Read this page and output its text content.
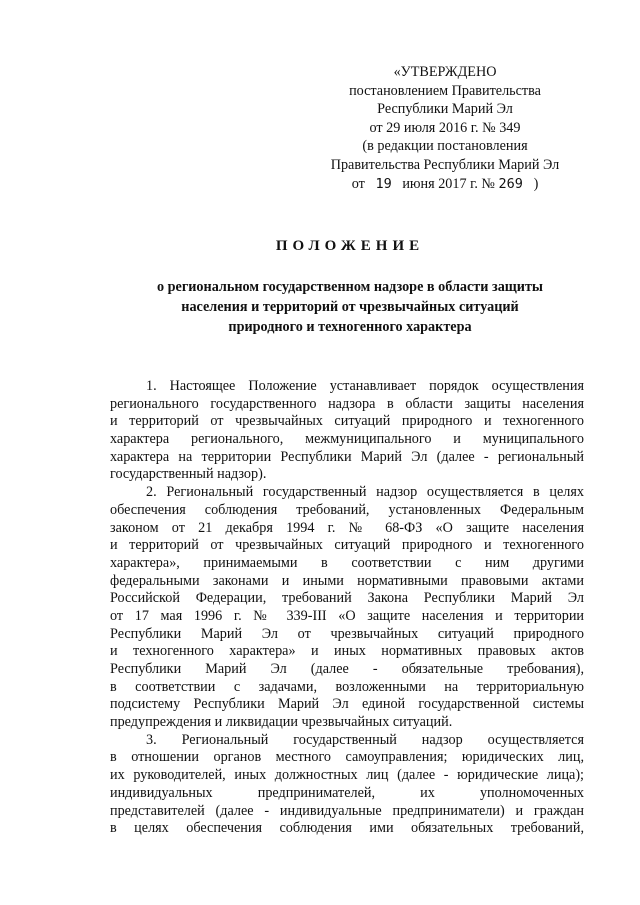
«УТВЕРЖДЕНО
постановлением Правительства
Республики Марий Эл
от 29 июля 2016 г. № 349
(в редакции постановления
Правительства Республики Марий Эл
от 19 июня 2017 г. № 269 )
ПОЛОЖЕНИЕ
о региональном государственном надзоре в области защиты
населения и территорий от чрезвычайных ситуаций
природного и техногенного характера
1. Настоящее Положение устанавливает порядок осуществления
регионального государственного надзора в области защиты населения
и территорий от чрезвычайных ситуаций природного и техногенного
характера регионального, межмуниципального и муниципального
характера на территории Республики Марий Эл (далее - региональный
государственный надзор).
2. Региональный государственный надзор осуществляется в целях
обеспечения соблюдения требований, установленных Федеральным
законом от 21 декабря 1994 г. № 68-ФЗ «О защите населения
и территорий от чрезвычайных ситуаций природного и техногенного
характера», принимаемыми в соответствии с ним другими
федеральными законами и иными нормативными правовыми актами
Российской Федерации, требований Закона Республики Марий Эл
от 17 мая 1996 г. № 339-III «О защите населения и территории
Республики Марий Эл от чрезвычайных ситуаций природного
и техногенного характера» и иных нормативных правовых актов
Республики Марий Эл (далее - обязательные требования),
в соответствии с задачами, возложенными на территориальную
подсистему Республики Марий Эл единой государственной системы
предупреждения и ликвидации чрезвычайных ситуаций.
3. Региональный государственный надзор осуществляется
в отношении органов местного самоуправления; юридических лиц,
их руководителей, иных должностных лиц (далее - юридические лица);
индивидуальных предпринимателей, их уполномоченных
представителей (далее - индивидуальные предприниматели) и граждан
в целях обеспечения соблюдения ими обязательных требований,
